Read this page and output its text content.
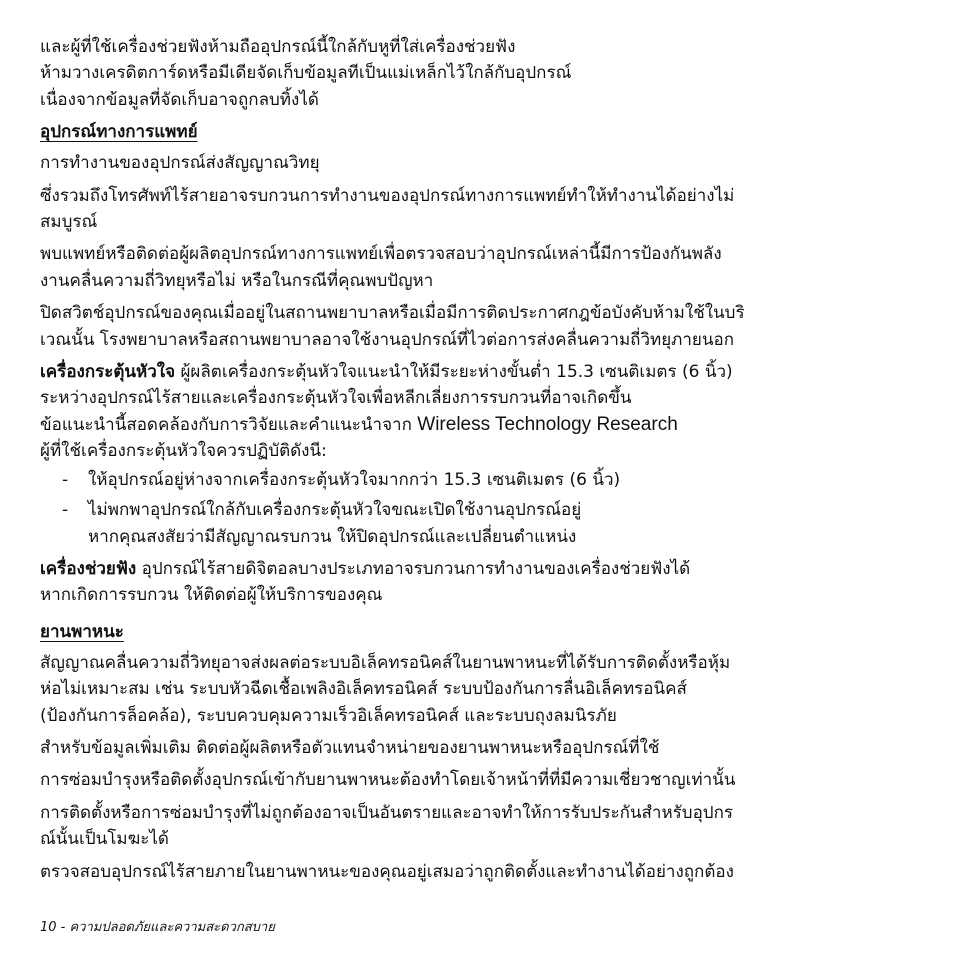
และผู้ที่ใช้เครื่องช่วยฟังห้ามถืออุปกรณ์นี้ใกล้กับหูที่ใส่เครื่องช่วยฟัง

ห้ามวางเครดิตการ์ดหรือมีเดียจัดเก็บข้อมูลทีเป็นแม่เหล็กไว้ใกล้กับอุปกรณ์

เนื่องจากข้อมูลที่จัดเก็บอาจถูกลบทิ้งได้

อุปกรณ์ทางการแพทย์

การทำงานของอุปกรณ์ส่งสัญญาณวิทยุ

ซึ่งรวมถึงโทรศัพท์ไร้สายอาจรบกวนการทำงานของอุปกรณ์ทางการแพทย์ทำให้ทำงานได้อย่างไม่

สมบูรณ์

พบแพทย์หรือติดต่อผู้ผลิตอุปกรณ์ทางการแพทย์เพื่อตรวจสอบว่าอุปกรณ์เหล่านี้มีการป้องกันพลัง

งานคลื่นความถี่วิทยุหรือไม่ หรือในกรณีที่คุณพบปัญหา

ปิดสวิตช์อุปกรณ์ของคุณเมื่ออยู่ในสถานพยาบาลหรือเมื่อมีการติดประกาศกฎข้อบังคับห้ามใช้ในบริ

เวณนั้น โรงพยาบาลหรือสถานพยาบาลอาจใช้งานอุปกรณ์ที่ไวต่อการส่งคลื่นความถี่วิทยุภายนอก

เครื่องกระตุ้นหัวใจ ผู้ผลิตเครื่องกระตุ้นหัวใจแนะนำให้มีระยะห่างขั้นต่ำ 15.3 เซนติเมตร (6 นิ้ว)

ระหว่างอุปกรณ์ไร้สายและเครื่องกระตุ้นหัวใจเพื่อหลีกเลี่ยงการรบกวนที่อาจเกิดขึ้น

ข้อแนะนำนี้สอดคล้องกับการวิจัยและคำแนะนำจาก Wireless Technology Research

ผู้ที่ใช้เครื่องกระตุ้นหัวใจควรปฏิบัติดังนี:

- ให้อุปกรณ์อยู่ห่างจากเครื่องกระตุ้นหัวใจมากกว่า 15.3 เซนติเมตร (6 นิ้ว)

- ไม่พกพาอุปกรณ์ใกล้กับเครื่องกระตุ้นหัวใจขณะเปิดใช้งานอุปกรณ์อยู่

หากคุณสงสัยว่ามีสัญญาณรบกวน ให้ปิดอุปกรณ์และเปลี่ยนตำแหน่ง

เครื่องช่วยฟัง อุปกรณ์ไร้สายดิจิตอลบางประเภทอาจรบกวนการทำงานของเครื่องช่วยฟังได้

หากเกิดการรบกวน ให้ติดต่อผู้ให้บริการของคุณ

ยานพาหนะ

สัญญาณคลื่นความถี่วิทยุอาจส่งผลต่อระบบอิเล็คทรอนิคส์ในยานพาหนะที่ได้รับการติดตั้งหรือหุ้ม

ห่อไม่เหมาะสม เช่น ระบบหัวฉีดเชื้อเพลิงอิเล็คทรอนิคส์ ระบบป้องกันการลื่นอิเล็คทรอนิคส์

(ป้องกันการล็อคล้อ), ระบบควบคุมความเร็วอิเล็คทรอนิคส์ และระบบถุงลมนิรภัย

สำหรับข้อมูลเพิ่มเติม ติดต่อผู้ผลิตหรือตัวแทนจำหน่ายของยานพาหนะหรืออุปกรณ์ที่ใช้

การซ่อมบำรุงหรือติดตั้งอุปกรณ์เข้ากับยานพาหนะต้องทำโดยเจ้าหน้าที่ที่มีความเชี่ยวชาญเท่านั้น

การติดตั้งหรือการซ่อมบำรุงที่ไม่ถูกต้องอาจเป็นอันตรายและอาจทำให้การรับประกันสำหรับอุปกร

ณ์นั้นเป็นโมฆะได้

ตรวจสอบอุปกรณ์ไร้สายภายในยานพาหนะของคุณอยู่เสมอว่าถูกติดตั้งและทำงานได้อย่างถูกต้อง

10 - ความปลอดภัยและความสะดวกสบาย
